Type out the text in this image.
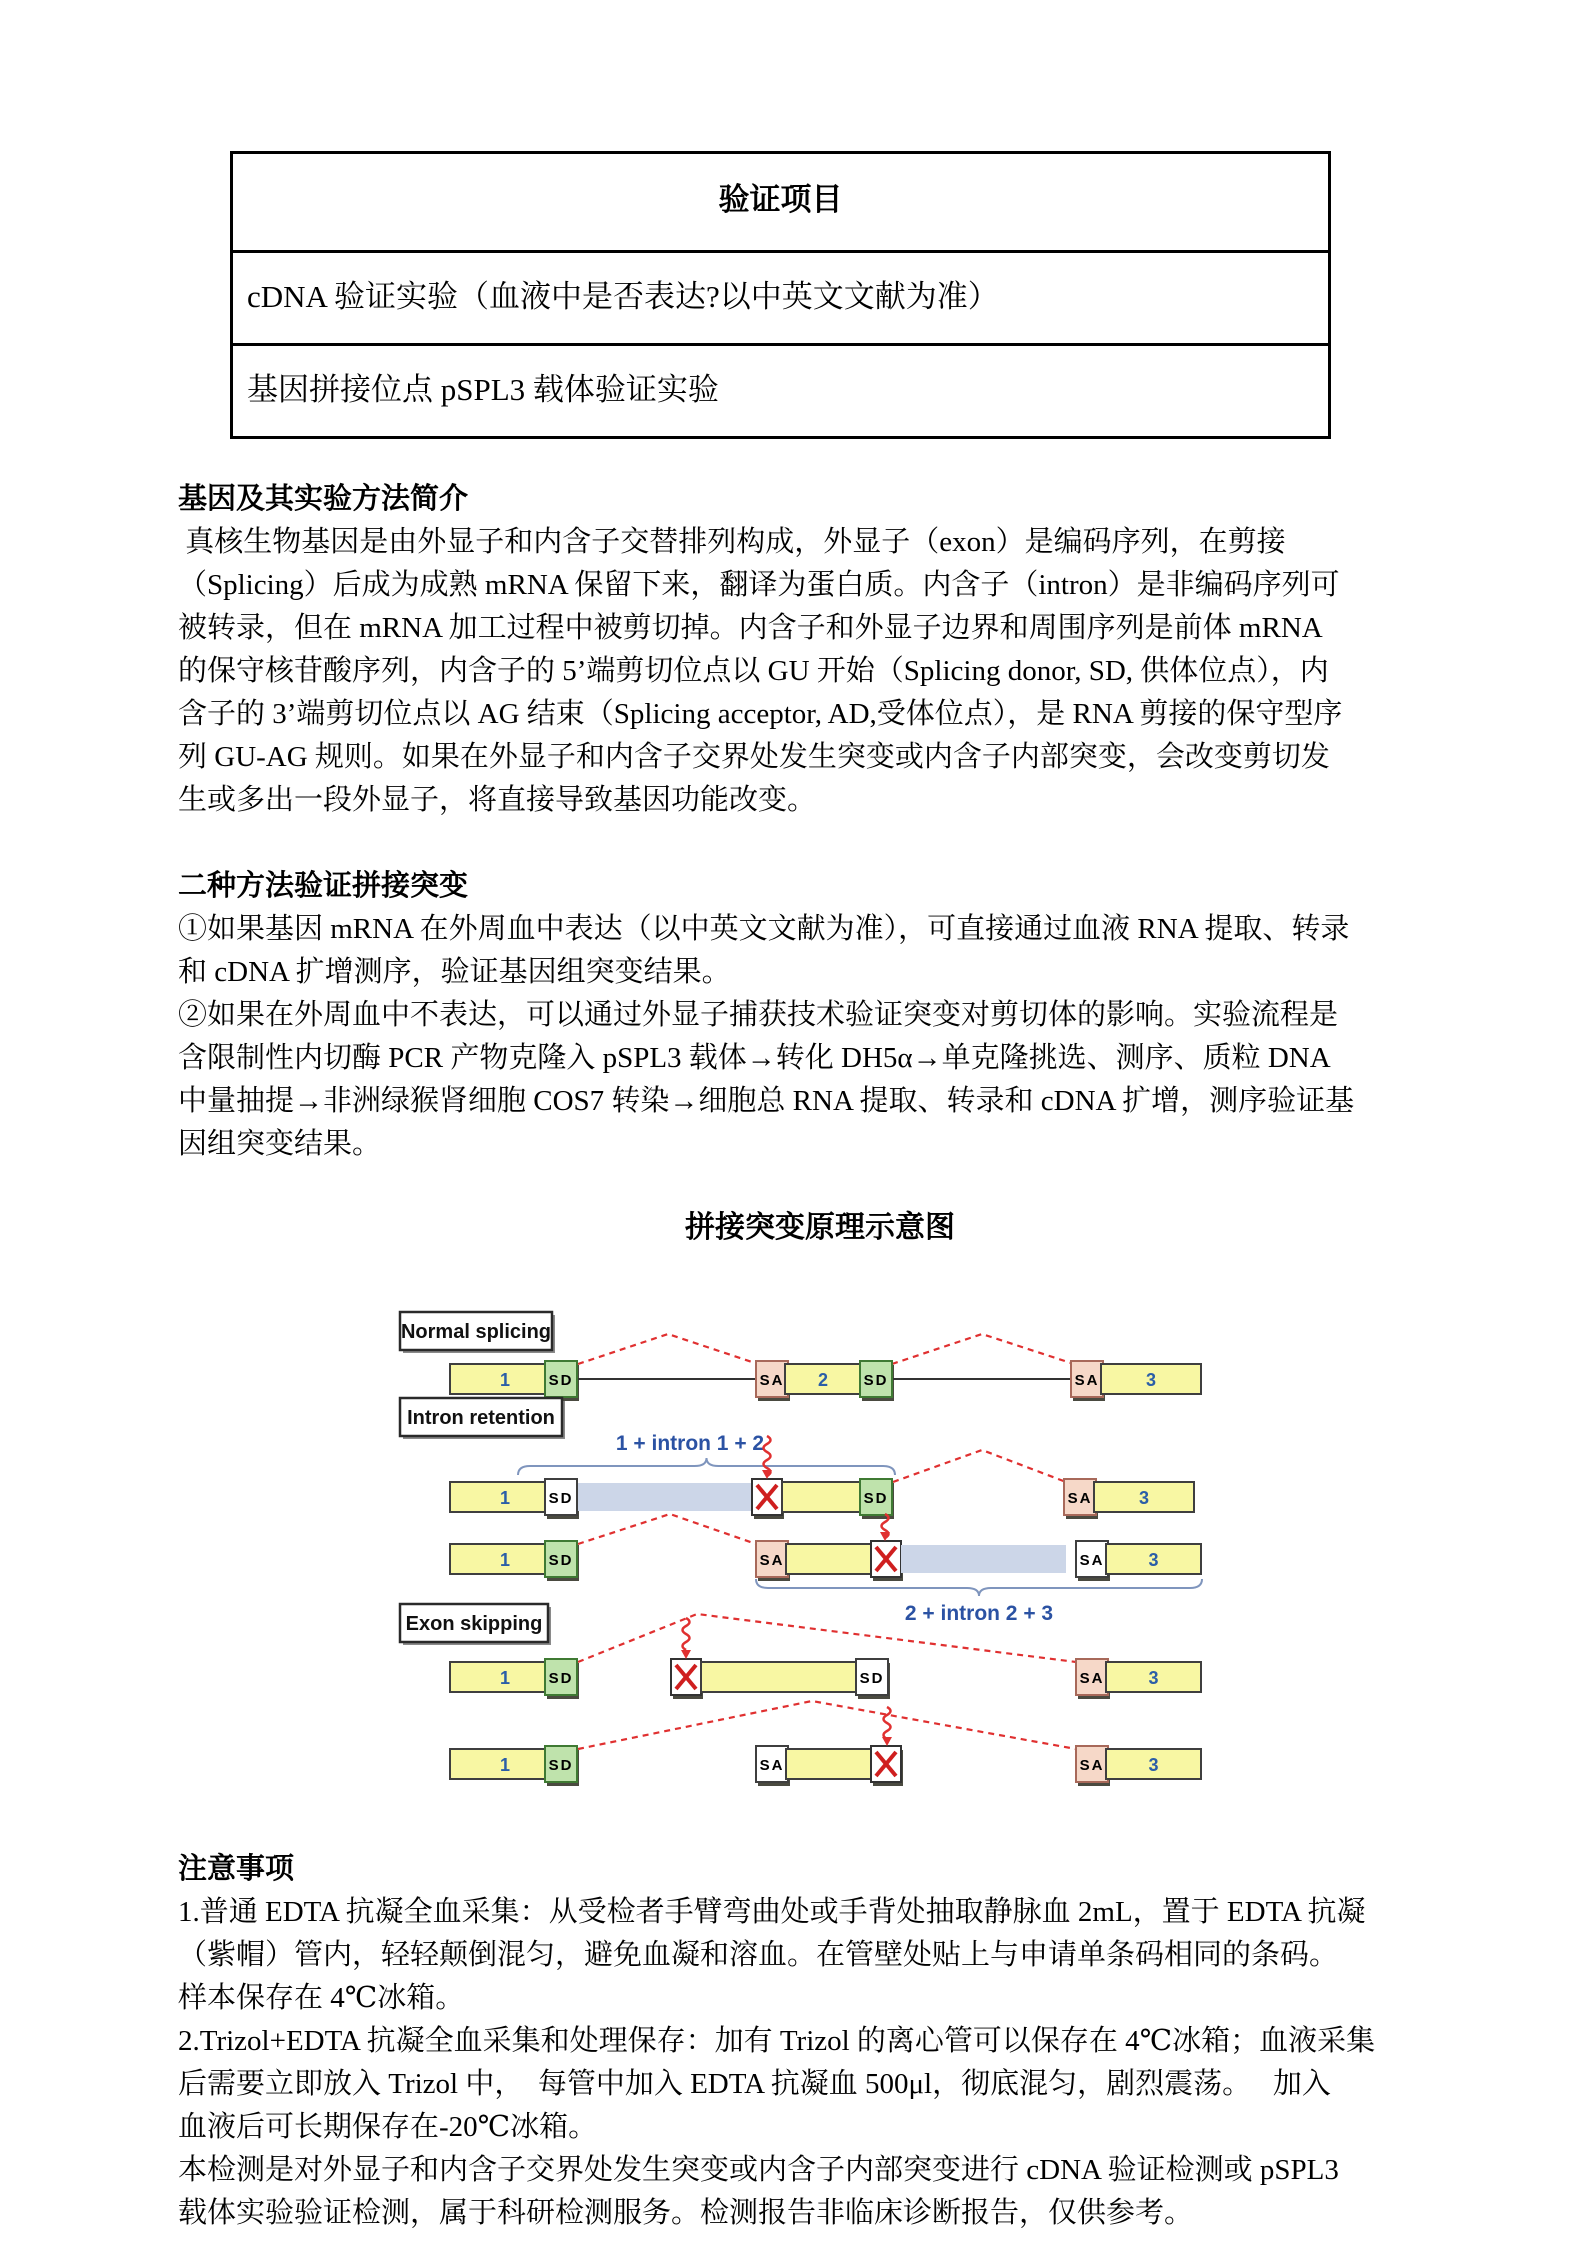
验证项目
cDNA 验证实验（血液中是否表达?以中英文文献为准）
基因拼接位点 pSPL3 载体验证实验
基因及其实验方法简介
真核生物基因是由外显子和内含子交替排列构成，外显子（exon）是编码序列，在剪接
（Splicing）后成为成熟 mRNA 保留下来，翻译为蛋白质。内含子（intron）是非编码序列可
被转录，但在 mRNA 加工过程中被剪切掉。内含子和外显子边界和周围序列是前体 mRNA
的保守核苷酸序列，内含子的 5’端剪切位点以 GU 开始（Splicing donor, SD, 供体位点），内
含子的 3’端剪切位点以 AG 结束（Splicing acceptor, AD,受体位点），是 RNA 剪接的保守型序
列 GU-AG 规则。如果在外显子和内含子交界处发生突变或内含子内部突变，会改变剪切发
生或多出一段外显子，将直接导致基因功能改变。
二种方法验证拼接突变
①如果基因 mRNA 在外周血中表达（以中英文文献为准），可直接通过血液 RNA 提取、转录
和 cDNA 扩增测序，验证基因组突变结果。
②如果在外周血中不表达，可以通过外显子捕获技术验证突变对剪切体的影响。实验流程是
含限制性内切酶 PCR 产物克隆入 pSPL3 载体→转化 DH5α→单克隆挑选、测序、质粒 DNA
中量抽提→非洲绿猴肾细胞 COS7 转染→细胞总 RNA 提取、转录和 cDNA 扩增，测序验证基
因组突变结果。
拼接突变原理示意图
1	SD	SA 2 SD	SA	3
1	SD	SD	SA	3
1 + intron 1 + 2
1	SD	SA	SA 3
2 + intron 2 + 3
1	SD	SD	SA 3
1	SD	SA	SA 3
Normal splicing
Intron retention
Exon skipping
注意事项
1.普通 EDTA 抗凝全血采集：从受检者手臂弯曲处或手背处抽取静脉血 2mL，置于 EDTA 抗凝
（紫帽）管内，轻轻颠倒混匀，避免血凝和溶血。在管壁处贴上与申请单条码相同的条码。
样本保存在 4℃冰箱。
2.Trizol+EDTA 抗凝全血采集和处理保存：加有 Trizol 的离心管可以保存在 4℃冰箱；血液采集
后需要立即放入 Trizol 中，  每管中加入 EDTA 抗凝血 500μl，彻底混匀，剧烈震荡。   加入
血液后可长期保存在-20℃冰箱。
本检测是对外显子和内含子交界处发生突变或内含子内部突变进行 cDNA 验证检测或 pSPL3
载体实验验证检测，属于科研检测服务。检测报告非临床诊断报告，仅供参考。
